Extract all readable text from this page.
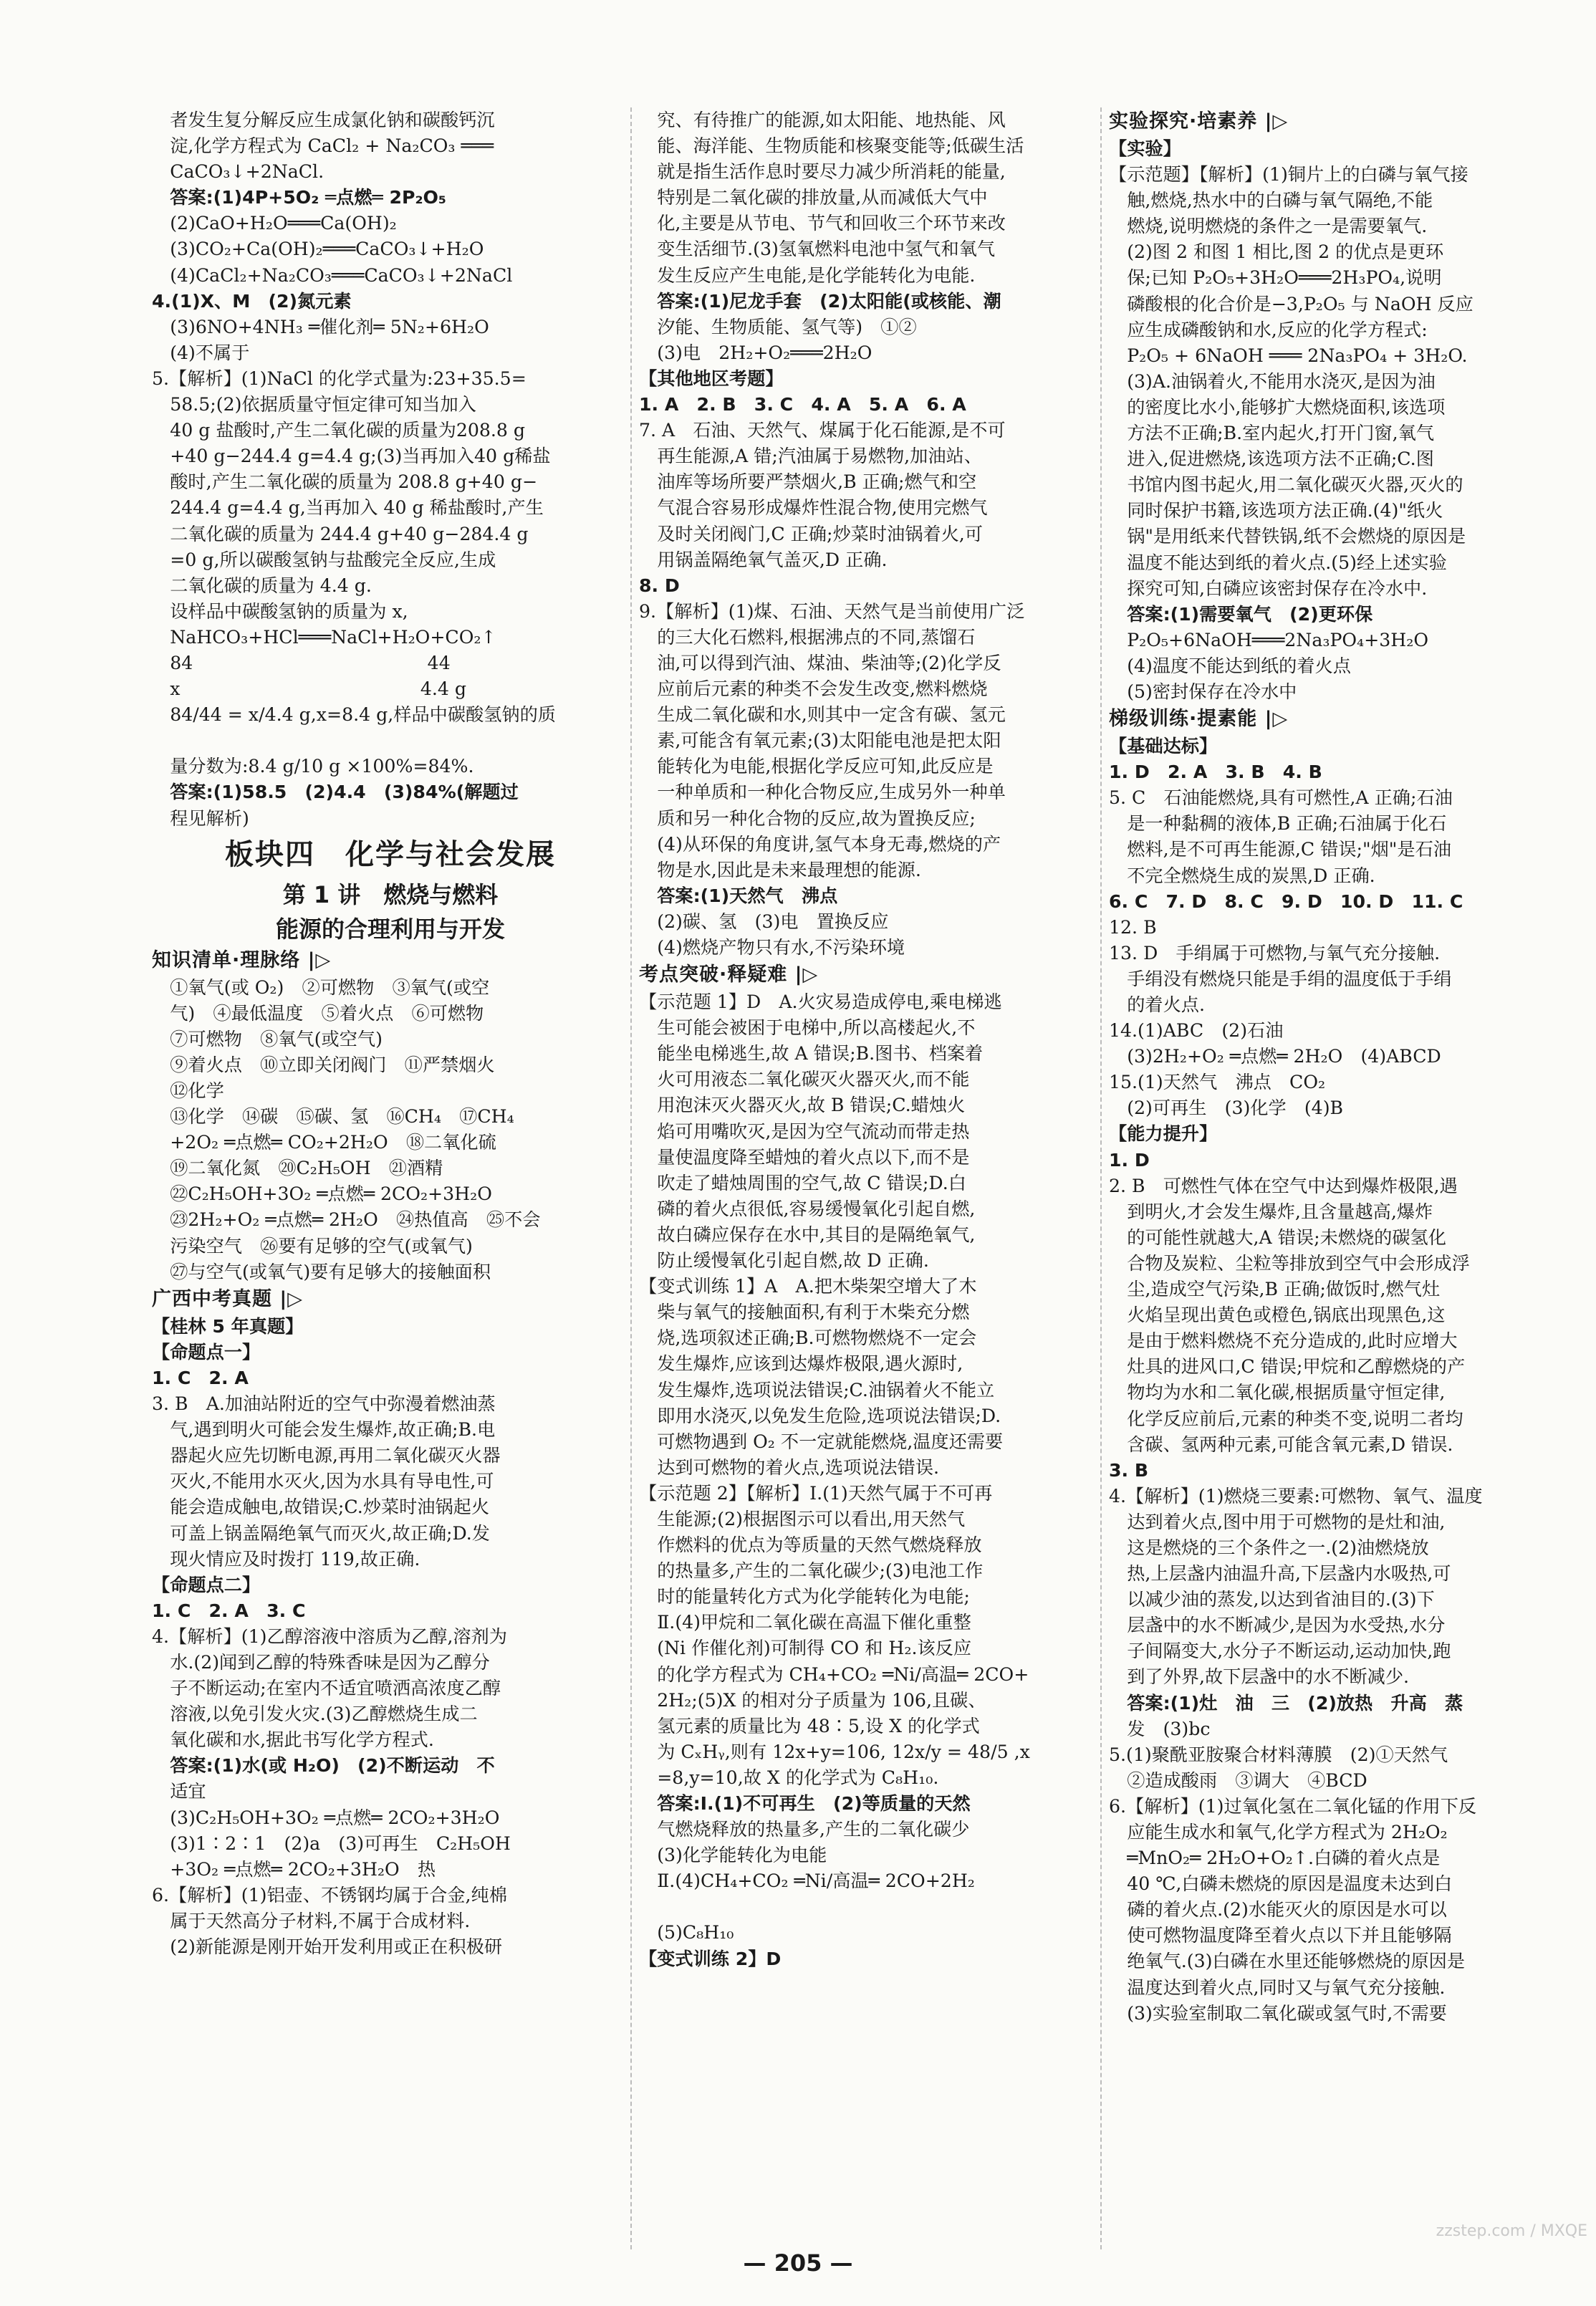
　者发生复分解反应生成氯化钠和碳酸钙沉
　淀,化学方程式为 CaCl₂ + Na₂CO₃ ═══
　CaCO₃↓+2NaCl.
　答案:(1)4P+5O₂ ═点燃═ 2P₂O₅
　(2)CaO+H₂O═══Ca(OH)₂
　(3)CO₂+Ca(OH)₂═══CaCO₃↓+H₂O
　(4)CaCl₂+Na₂CO₃═══CaCO₃↓+2NaCl
4.(1)X、M　(2)氮元素
　(3)6NO+4NH₃ ═催化剂═ 5N₂+6H₂O
　(4)不属于
5.【解析】(1)NaCl 的化学式量为:23+35.5=
　58.5;(2)依据质量守恒定律可知当加入
　40 g 盐酸时,产生二氧化碳的质量为208.8 g
　+40 g−244.4 g=4.4 g;(3)当再加入40 g稀盐
　酸时,产生二氧化碳的质量为 208.8 g+40 g−
　244.4 g=4.4 g,当再加入 40 g 稀盐酸时,产生
　二氧化碳的质量为 244.4 g+40 g−284.4 g
　=0 g,所以碳酸氢钠与盐酸完全反应,生成
　二氧化碳的质量为 4.4 g.
　设样品中碳酸氢钠的质量为 x,
　NaHCO₃+HCl═══NaCl+H₂O+CO₂↑
　84　　　　　　　　　　　　　44
　x　　　　　　　　　　　　　 4.4 g
　84/44 = x/4.4 g,x=8.4 g,样品中碳酸氢钠的质
　量分数为:8.4 g/10 g ×100%=84%.
　答案:(1)58.5　(2)4.4　(3)84%(解题过
　程见解析)
板块四　化学与社会发展
第 1 讲　燃烧与燃料
能源的合理利用与开发
知识清单·理脉络 |▷
　①氧气(或 O₂)　②可燃物　③氧气(或空
　气)　④最低温度　⑤着火点　⑥可燃物
　⑦可燃物　⑧氧气(或空气)
　⑨着火点　⑩立即关闭阀门　⑪严禁烟火
　⑫化学
　⑬化学　⑭碳　⑮碳、氢　⑯CH₄　⑰CH₄
　+2O₂ ═点燃═ CO₂+2H₂O　⑱二氧化硫
　⑲二氧化氮　⑳C₂H₅OH　㉑酒精
　㉒C₂H₅OH+3O₂ ═点燃═ 2CO₂+3H₂O
　㉓2H₂+O₂ ═点燃═ 2H₂O　㉔热值高　㉕不会
　污染空气　㉖要有足够的空气(或氧气)
　㉗与空气(或氧气)要有足够大的接触面积
广西中考真题 |▷
【桂林 5 年真题】
【命题点一】
1. C　2. A
3. B　A.加油站附近的空气中弥漫着燃油蒸
　气,遇到明火可能会发生爆炸,故正确;B.电
　器起火应先切断电源,再用二氧化碳灭火器
　灭火,不能用水灭火,因为水具有导电性,可
　能会造成触电,故错误;C.炒菜时油锅起火
　可盖上锅盖隔绝氧气而灭火,故正确;D.发
　现火情应及时拨打 119,故正确.
【命题点二】
1. C　2. A　3. C
4.【解析】(1)乙醇溶液中溶质为乙醇,溶剂为
　水.(2)闻到乙醇的特殊香味是因为乙醇分
　子不断运动;在室内不适宜喷洒高浓度乙醇
　溶液,以免引发火灾.(3)乙醇燃烧生成二
　氧化碳和水,据此书写化学方程式.
　答案:(1)水(或 H₂O)　(2)不断运动　不
　适宜
　(3)C₂H₅OH+3O₂ ═点燃═ 2CO₂+3H₂O
　(3)1∶2∶1　(2)a　(3)可再生　C₂H₅OH
　+3O₂ ═点燃═ 2CO₂+3H₂O　热
6.【解析】(1)铝壶、不锈钢均属于合金,纯棉
　属于天然高分子材料,不属于合成材料.
　(2)新能源是刚开始开发利用或正在积极研
　究、有待推广的能源,如太阳能、地热能、风
　能、海洋能、生物质能和核聚变能等;低碳生活
　就是指生活作息时要尽力减少所消耗的能量,
　特别是二氧化碳的排放量,从而减低大气中
　化,主要是从节电、节气和回收三个环节来改
　变生活细节.(3)氢氧燃料电池中氢气和氧气
　发生反应产生电能,是化学能转化为电能.
　答案:(1)尼龙手套　(2)太阳能(或核能、潮
　汐能、生物质能、氢气等)　①②
　(3)电　2H₂+O₂═══2H₂O
【其他地区考题】
1. A　2. B　3. C　4. A　5. A　6. A
7. A　石油、天然气、煤属于化石能源,是不可
　再生能源,A 错;汽油属于易燃物,加油站、
　油库等场所要严禁烟火,B 正确;燃气和空
　气混合容易形成爆炸性混合物,使用完燃气
　及时关闭阀门,C 正确;炒菜时油锅着火,可
　用锅盖隔绝氧气盖灭,D 正确.
8. D
9.【解析】(1)煤、石油、天然气是当前使用广泛
　的三大化石燃料,根据沸点的不同,蒸馏石
　油,可以得到汽油、煤油、柴油等;(2)化学反
　应前后元素的种类不会发生改变,燃料燃烧
　生成二氧化碳和水,则其中一定含有碳、氢元
　素,可能含有氧元素;(3)太阳能电池是把太阳
　能转化为电能,根据化学反应可知,此反应是
　一种单质和一种化合物反应,生成另外一种单
　质和另一种化合物的反应,故为置换反应;
　(4)从环保的角度讲,氢气本身无毒,燃烧的产
　物是水,因此是未来最理想的能源.
　答案:(1)天然气　沸点
　(2)碳、氢　(3)电　置换反应
　(4)燃烧产物只有水,不污染环境
考点突破·释疑难 |▷
【示范题 1】D　A.火灾易造成停电,乘电梯逃
　生可能会被困于电梯中,所以高楼起火,不
　能坐电梯逃生,故 A 错误;B.图书、档案着
　火可用液态二氧化碳灭火器灭火,而不能
　用泡沫灭火器灭火,故 B 错误;C.蜡烛火
　焰可用嘴吹灭,是因为空气流动而带走热
　量使温度降至蜡烛的着火点以下,而不是
　吹走了蜡烛周围的空气,故 C 错误;D.白
　磷的着火点很低,容易缓慢氧化引起自燃,
　故白磷应保存在水中,其目的是隔绝氧气,
　防止缓慢氧化引起自燃,故 D 正确.
【变式训练 1】A　A.把木柴架空增大了木
　柴与氧气的接触面积,有利于木柴充分燃
　烧,选项叙述正确;B.可燃物燃烧不一定会
　发生爆炸,应该到达爆炸极限,遇火源时,
　发生爆炸,选项说法错误;C.油锅着火不能立
　即用水浇灭,以免发生危险,选项说法错误;D.
　可燃物遇到 O₂ 不一定就能燃烧,温度还需要
　达到可燃物的着火点,选项说法错误.
【示范题 2】【解析】Ⅰ.(1)天然气属于不可再
　生能源;(2)根据图示可以看出,用天然气
　作燃料的优点为等质量的天然气燃烧释放
　的热量多,产生的二氧化碳少;(3)电池工作
　时的能量转化方式为化学能转化为电能;
　Ⅱ.(4)甲烷和二氧化碳在高温下催化重整
　(Ni 作催化剂)可制得 CO 和 H₂.该反应
　的化学方程式为 CH₄+CO₂ ═Ni/高温═ 2CO+
　2H₂;(5)X 的相对分子质量为 106,且碳、
　氢元素的质量比为 48∶5,设 X 的化学式
　为 CₓHᵧ,则有 12x+y=106, 12x/y = 48/5 ,x
　=8,y=10,故 X 的化学式为 C₈H₁₀.
　答案:Ⅰ.(1)不可再生　(2)等质量的天然
　气燃烧释放的热量多,产生的二氧化碳少
　(3)化学能转化为电能
　Ⅱ.(4)CH₄+CO₂ ═Ni/高温═ 2CO+2H₂
　(5)C₈H₁₀
【变式训练 2】D
实验探究·培素养 |▷
【实验】
【示范题】【解析】(1)铜片上的白磷与氧气接
　触,燃烧,热水中的白磷与氧气隔绝,不能
　燃烧,说明燃烧的条件之一是需要氧气.
　(2)图 2 和图 1 相比,图 2 的优点是更环
　保;已知 P₂O₅+3H₂O═══2H₃PO₄,说明
　磷酸根的化合价是−3,P₂O₅ 与 NaOH 反应
　应生成磷酸钠和水,反应的化学方程式:
　P₂O₅ + 6NaOH ═══ 2Na₃PO₄ + 3H₂O.
　(3)A.油锅着火,不能用水浇灭,是因为油
　的密度比水小,能够扩大燃烧面积,该选项
　方法不正确;B.室内起火,打开门窗,氧气
　进入,促进燃烧,该选项方法不正确;C.图
　书馆内图书起火,用二氧化碳灭火器,灭火的
　同时保护书籍,该选项方法正确.(4)"纸火
　锅"是用纸来代替铁锅,纸不会燃烧的原因是
　温度不能达到纸的着火点.(5)经上述实验
　探究可知,白磷应该密封保存在冷水中.
　答案:(1)需要氧气　(2)更环保
　P₂O₅+6NaOH═══2Na₃PO₄+3H₂O
　(4)温度不能达到纸的着火点
　(5)密封保存在冷水中
梯级训练·提素能 |▷
【基础达标】
1. D　2. A　3. B　4. B
5. C　石油能燃烧,具有可燃性,A 正确;石油
　是一种黏稠的液体,B 正确;石油属于化石
　燃料,是不可再生能源,C 错误;"烟"是石油
　不完全燃烧生成的炭黑,D 正确.
6. C　7. D　8. C　9. D　10. D　11. C
12. B
13. D　手绢属于可燃物,与氧气充分接触.
　手绢没有燃烧只能是手绢的温度低于手绢
　的着火点.
14.(1)ABC　(2)石油
　(3)2H₂+O₂ ═点燃═ 2H₂O　(4)ABCD
15.(1)天然气　沸点　CO₂
　(2)可再生　(3)化学　(4)B
【能力提升】
1. D
2. B　可燃性气体在空气中达到爆炸极限,遇
　到明火,才会发生爆炸,且含量越高,爆炸
　的可能性就越大,A 错误;未燃烧的碳氢化
　合物及炭粒、尘粒等排放到空气中会形成浮
　尘,造成空气污染,B 正确;做饭时,燃气灶
　火焰呈现出黄色或橙色,锅底出现黑色,这
　是由于燃料燃烧不充分造成的,此时应增大
　灶具的进风口,C 错误;甲烷和乙醇燃烧的产
　物均为水和二氧化碳,根据质量守恒定律,
　化学反应前后,元素的种类不变,说明二者均
　含碳、氢两种元素,可能含氧元素,D 错误.
3. B
4.【解析】(1)燃烧三要素:可燃物、氧气、温度
　达到着火点,图中用于可燃物的是灶和油,
　这是燃烧的三个条件之一.(2)油燃烧放
　热,上层盏内油温升高,下层盏内水吸热,可
　以减少油的蒸发,以达到省油目的.(3)下
　层盏中的水不断减少,是因为水受热,水分
　子间隔变大,水分子不断运动,运动加快,跑
　到了外界,故下层盏中的水不断减少.
　答案:(1)灶　油　三　(2)放热　升高　蒸
　发　(3)bc
5.(1)聚酰亚胺聚合材料薄膜　(2)①天然气
　②造成酸雨　③调大　④BCD
6.【解析】(1)过氧化氢在二氧化锰的作用下反
　应能生成水和氧气,化学方程式为 2H₂O₂
　═MnO₂═ 2H₂O+O₂↑.白磷的着火点是
　40 ℃,白磷未燃烧的原因是温度未达到白
　磷的着火点.(2)水能灭火的原因是水可以
　使可燃物温度降至着火点以下并且能够隔
　绝氧气.(3)白磷在水里还能够燃烧的原因是
　温度达到着火点,同时又与氧气充分接触.
　(3)实验室制取二氧化碳或氢气时,不需要
— 205 —
zzstep.com / MXQE
